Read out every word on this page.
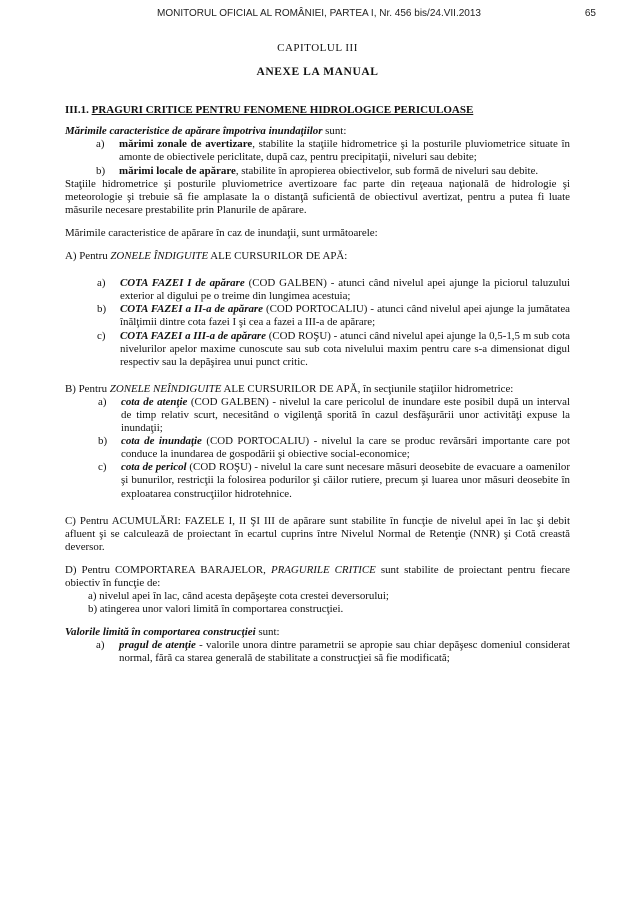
MONITORUL OFICIAL AL ROMÂNIEI, PARTEA I, Nr. 456 bis/24.VII.2013	65

CAPITOLUL III

ANEXE LA MANUAL

III.1. PRAGURI CRITICE PENTRU FENOMENE HIDROLOGICE PERICULOASE

Mărimile caracteristice de apărare împotriva inundaţiilor sunt:

a) mărimi zonale de avertizare, stabilite la staţiile hidrometrice şi la posturile pluviometrice situate în amonte de obiectivele periclitate, după caz, pentru precipitaţii, niveluri sau debite;

b) mărimi locale de apărare, stabilite în apropierea obiectivelor, sub formă de niveluri sau debite.

Staţiile hidrometrice şi posturile pluviometrice avertizoare fac parte din reţeaua naţională de hidrologie şi meteorologie şi trebuie să fie amplasate la o distanţă suficientă de obiectivul avertizat, pentru a putea fi luate măsurile necesare prestabilite prin Planurile de apărare.

Mărimile caracteristice de apărare în caz de inundaţii, sunt următoarele:

A) Pentru ZONELE ÎNDIGUITE ALE CURSURILOR DE APĂ:

a) COTA FAZEI I de apărare (COD GALBEN) - atunci când nivelul apei ajunge la piciorul taluzului exterior al digului pe o treime din lungimea acestuia;

b) COTA FAZEI a II-a de apărare (COD PORTOCALIU) - atunci când nivelul apei ajunge la jumătatea înălţimii dintre cota fazei I şi cea a fazei a III-a de apărare;

c) COTA FAZEI a III-a de apărare (COD ROŞU) - atunci când nivelul apei ajunge la 0,5-1,5 m sub cota nivelurilor apelor maxime cunoscute sau sub cota nivelului maxim pentru care s-a dimensionat digul respectiv sau la depăşirea unui punct critic.

B) Pentru ZONELE NEÎNDIGUITE ALE CURSURILOR DE APĂ, în secţiunile staţiilor hidrometrice:

a) cota de atenţie (COD GALBEN) - nivelul la care pericolul de inundare este posibil după un interval de timp relativ scurt, necesitând o vigilenţă sporită în cazul desfăşurării unor activităţi expuse la inundaţii;

b) cota de inundaţie (COD PORTOCALIU) - nivelul la care se produc revărsări importante care pot conduce la inundarea de gospodării şi obiective social-economice;

c) cota de pericol (COD ROŞU) - nivelul la care sunt necesare măsuri deosebite de evacuare a oamenilor şi bunurilor, restricţii la folosirea podurilor şi căilor rutiere, precum şi luarea unor măsuri deosebite în exploatarea construcţiilor hidrotehnice.

C) Pentru ACUMULĂRI: FAZELE I, II ŞI III de apărare sunt stabilite în funcţie de nivelul apei în lac şi debit afluent şi se calculează de proiectant în ecartul cuprins între Nivelul Normal de Retenţie (NNR) şi Cotă creastă deversor.

D) Pentru COMPORTAREA BARAJELOR, PRAGURILE CRITICE sunt stabilite de proiectant pentru fiecare obiectiv în funcţie de:

a) nivelul apei în lac, când acesta depăşeşte cota crestei deversorului;

b) atingerea unor valori limită în comportarea construcţiei.

Valorile limită în comportarea construcţiei sunt:

a) pragul de atenţie - valorile unora dintre parametrii se apropie sau chiar depăşesc domeniul considerat normal, fără ca starea generală de stabilitate a construcţiei să fie modificată;
